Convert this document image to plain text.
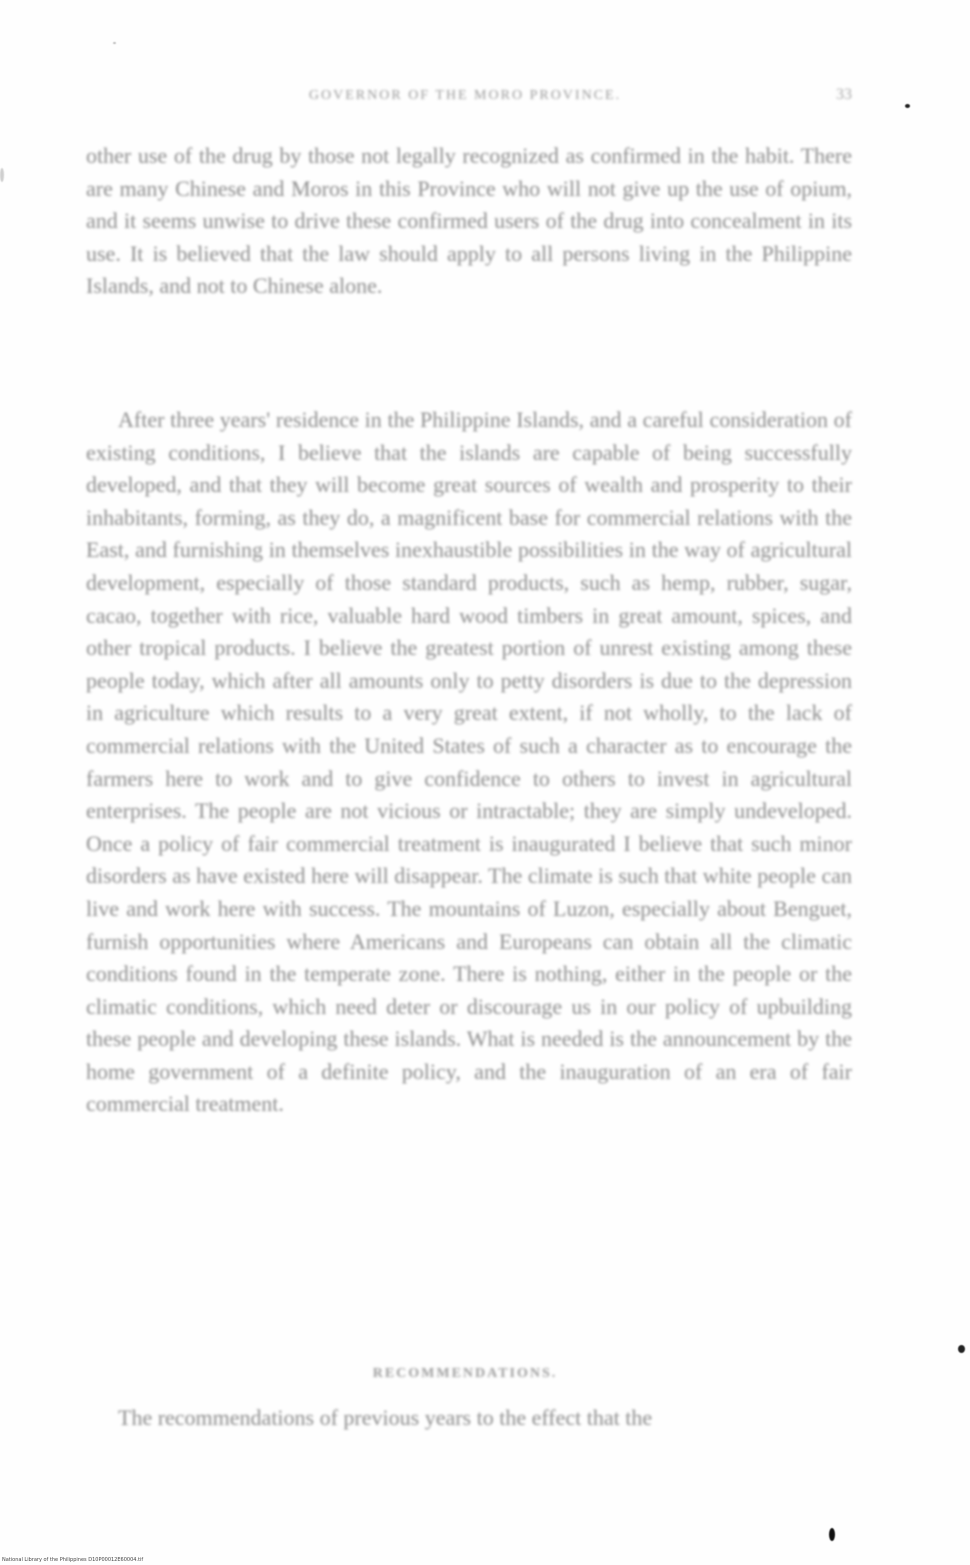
GOVERNOR OF THE MORO PROVINCE.	33

other use of the drug by those not legally recognized as confirmed in the habit. There are many Chinese and Moros in this Province who will not give up the use of opium, and it seems unwise to drive these confirmed users of the drug into concealment in its use. It is believed that the law should apply to all persons living in the Philippine Islands, and not to Chinese alone.

After three years' residence in the Philippine Islands, and a careful consideration of existing conditions, I believe that the islands are capable of being successfully developed, and that they will become great sources of wealth and prosperity to their inhabitants, forming, as they do, a magnificent base for commercial relations with the East, and furnishing in themselves inexhaustible possibilities in the way of agricultural development, especially of those standard products, such as hemp, rubber, sugar, cacao, together with rice, valuable hard wood timbers in great amount, spices, and other tropical products. I believe the greatest portion of unrest existing among these people today, which after all amounts only to petty disorders is due to the depression in agriculture which results to a very great extent, if not wholly, to the lack of commercial relations with the United States of such a character as to encourage the farmers here to work and to give confidence to others to invest in agricultural enterprises. The people are not vicious or intractable; they are simply undeveloped. Once a policy of fair commercial treatment is inaugurated I believe that such minor disorders as have existed here will disappear. The climate is such that white people can live and work here with success. The mountains of Luzon, especially about Benguet, furnish opportunities where Americans and Europeans can obtain all the climatic conditions found in the temperate zone. There is nothing, either in the people or the climatic conditions, which need deter or discourage us in our policy of upbuilding these people and developing these islands. What is needed is the announcement by the home government of a definite policy, and the inauguration of an era of fair commercial treatment.

RECOMMENDATIONS.

The recommendations of previous years to the effect that the

National Library of the Philippines D10P00012E60004.tif
